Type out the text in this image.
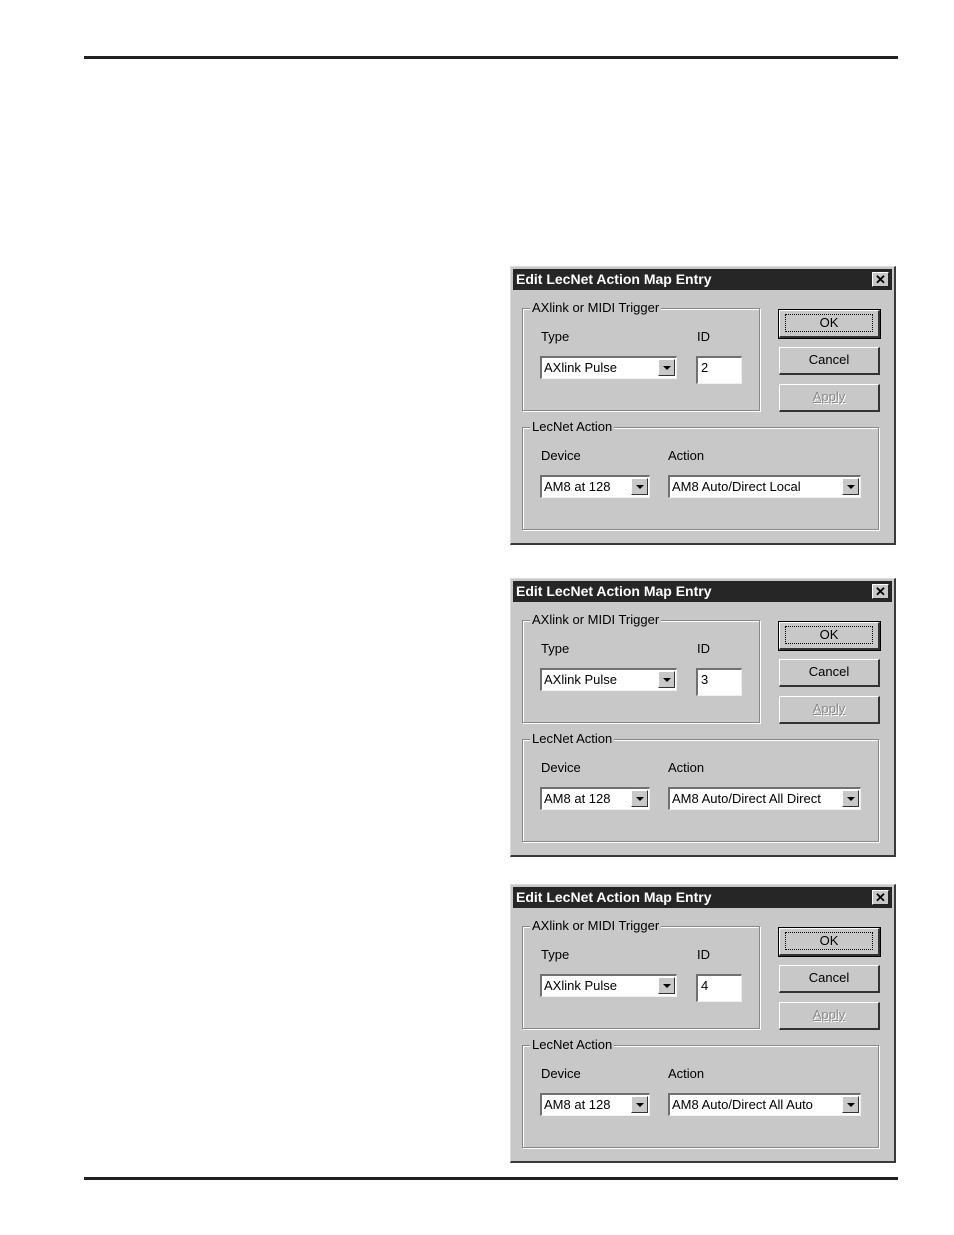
Edit LecNet Action Map Entry	✕
AXlink or MIDI Trigger
Type	ID
AXlink Pulse	2
OK
Cancel
Apply
LecNet Action
Device	Action
AM8 at 128	AM8 Auto/Direct Local
Edit LecNet Action Map Entry	✕
AXlink or MIDI Trigger
Type	ID
AXlink Pulse	3
OK
Cancel
Apply
LecNet Action
Device	Action
AM8 at 128	AM8 Auto/Direct All Direct
Edit LecNet Action Map Entry	✕
AXlink or MIDI Trigger
Type	ID
AXlink Pulse	4
OK
Cancel
Apply
LecNet Action
Device	Action
AM8 at 128	AM8 Auto/Direct All Auto
